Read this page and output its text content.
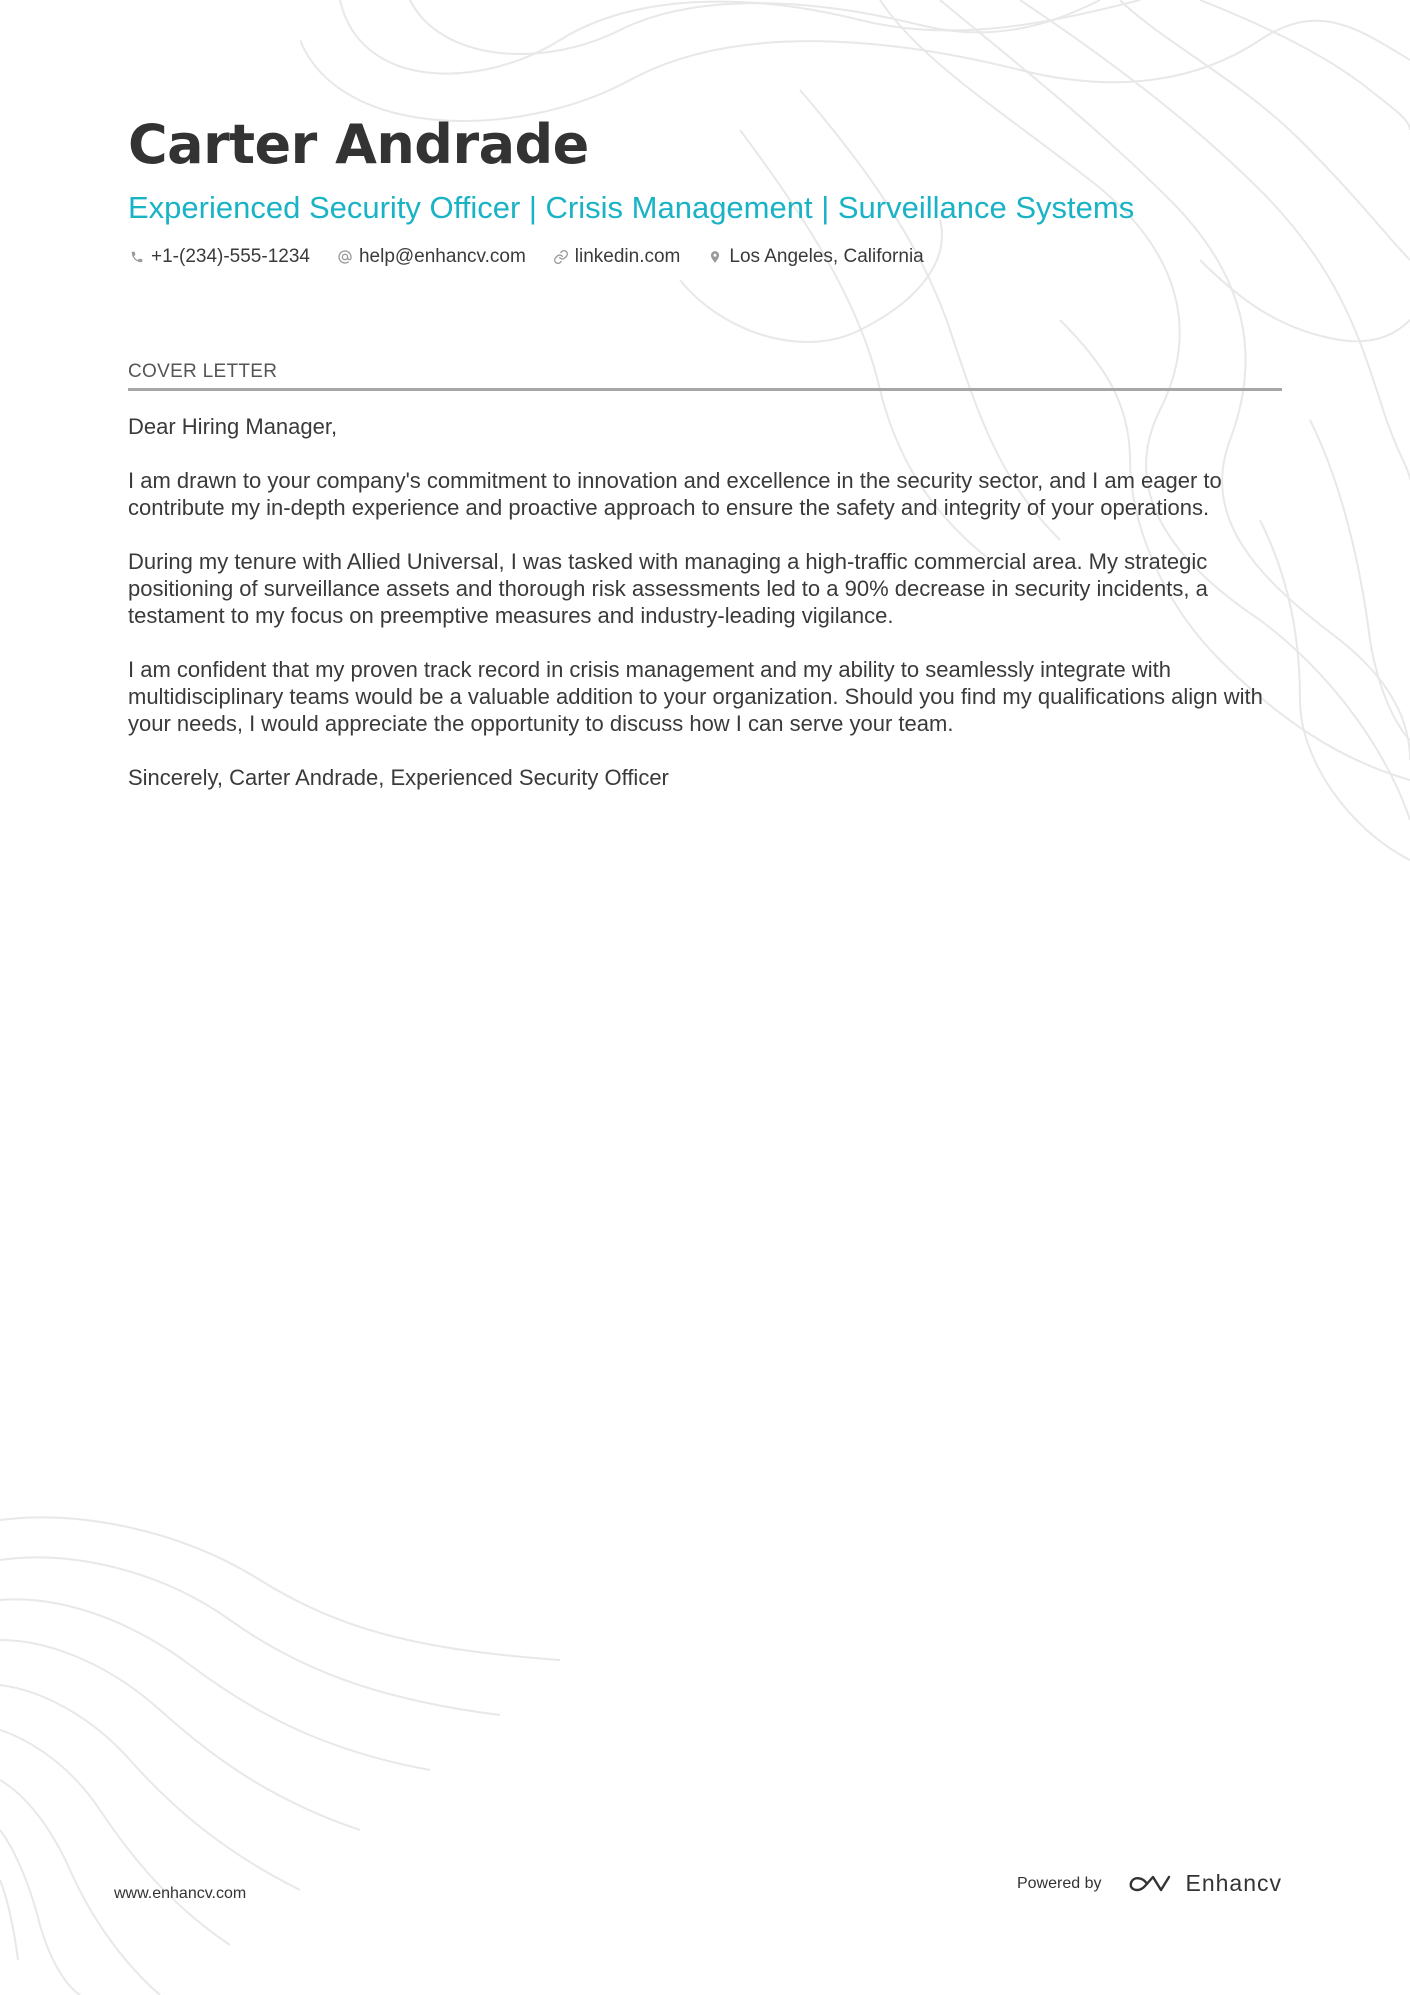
Carter Andrade
Experienced Security Officer | Crisis Management | Surveillance Systems
+1-(234)-555-1234	help@enhancv.com	linkedin.com	Los Angeles, California
COVER LETTER

Dear Hiring Manager,

I am drawn to your company's commitment to innovation and excellence in the security sector, and I am eager to contribute my in-depth experience and proactive approach to ensure the safety and integrity of your operations.

During my tenure with Allied Universal, I was tasked with managing a high-traffic commercial area. My strategic positioning of surveillance assets and thorough risk assessments led to a 90% decrease in security incidents, a testament to my focus on preemptive measures and industry-leading vigilance.

I am confident that my proven track record in crisis management and my ability to seamlessly integrate with multidisciplinary teams would be a valuable addition to your organization. Should you find my qualifications align with your needs, I would appreciate the opportunity to discuss how I can serve your team.

Sincerely, Carter Andrade, Experienced Security Officer

www.enhancv.com
Powered by	Enhancv
